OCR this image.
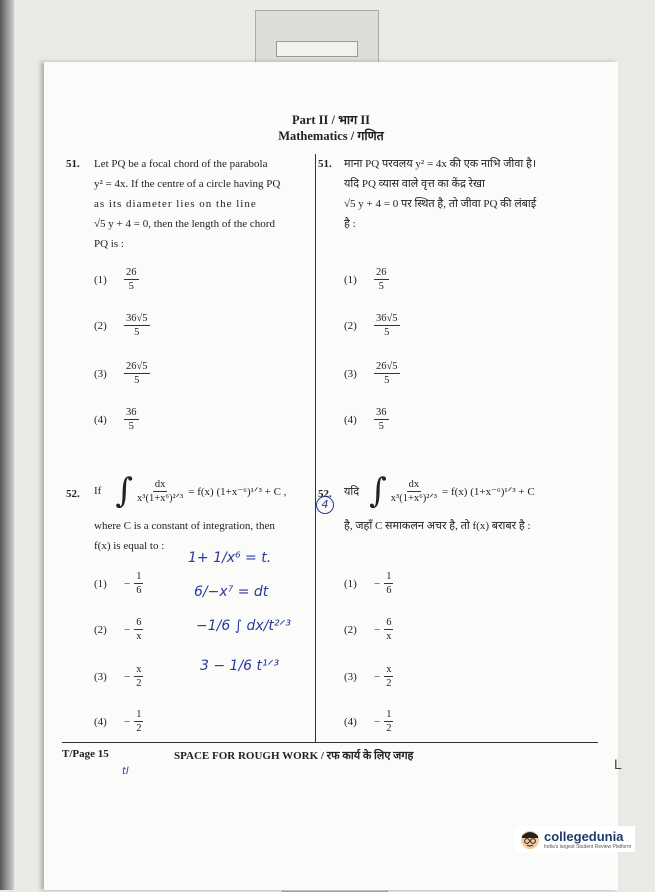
Part II / भाग II
Mathematics / गणित
51. Let PQ be a focal chord of the parabola
y² = 4x. If the centre of a circle having PQ
as its diameter lies on the line
√5 y + 4 = 0, then the length of the chord
PQ is :
51. माना PQ परवलय y² = 4x की एक नाभि जीवा है।
यदि PQ व्यास वाले वृत्त का केंद्र रेखा
√5 y + 4 = 0 पर स्थित है, तो जीवा PQ की लंबाई
है :
(1)	$\frac{26}{5}$
(2)	$\frac{36√5}{5}$
(3)	$\frac{26√5}{5}$
(4)	$\frac{36}{5}$
(1)	$\frac{26}{5}$
(2)	$\frac{36√5}{5}$
(3)	$\frac{26√5}{5}$
(4)	$\frac{36}{5}$
52. If ∫ $\frac{dx}{\text{x³(1+x⁶)²ᐟ³}} = f(x)$ (1+x⁻⁶)¹ᐟ³ + C ,
where C is a constant of integration, then
f(x) is equal to :
52. यदि ∫ $\frac{dx}{\text{x³(1+x⁶)²ᐟ³}} = f(x)$ (1+x⁻⁶)¹ᐟ³ + C
है, जहाँ C समाकलन अचर है, तो f(x) बराबर है :
(1)	− $\frac{1}{6}$
(2)	− $\frac{6}{x}$
(3)	− $\frac{x}{2}$
(4)	− $\frac{1}{2}$
(1)	− $\frac{1}{6}$
(2)	− $\frac{6}{x}$
(3)	− $\frac{x}{2}$
(4)	− $\frac{1}{2}$
4
1+ 1/x⁶ = t.
6/−x⁷ = dt
−1/6 ∫ dx/t²ᐟ³
3 − 1/6 t¹ᐟ³
T/Page 15	SPACE FOR ROUGH WORK / रफ कार्य के लिए जगह
tl	L
collegedunia
India's largest Student Review Platform
